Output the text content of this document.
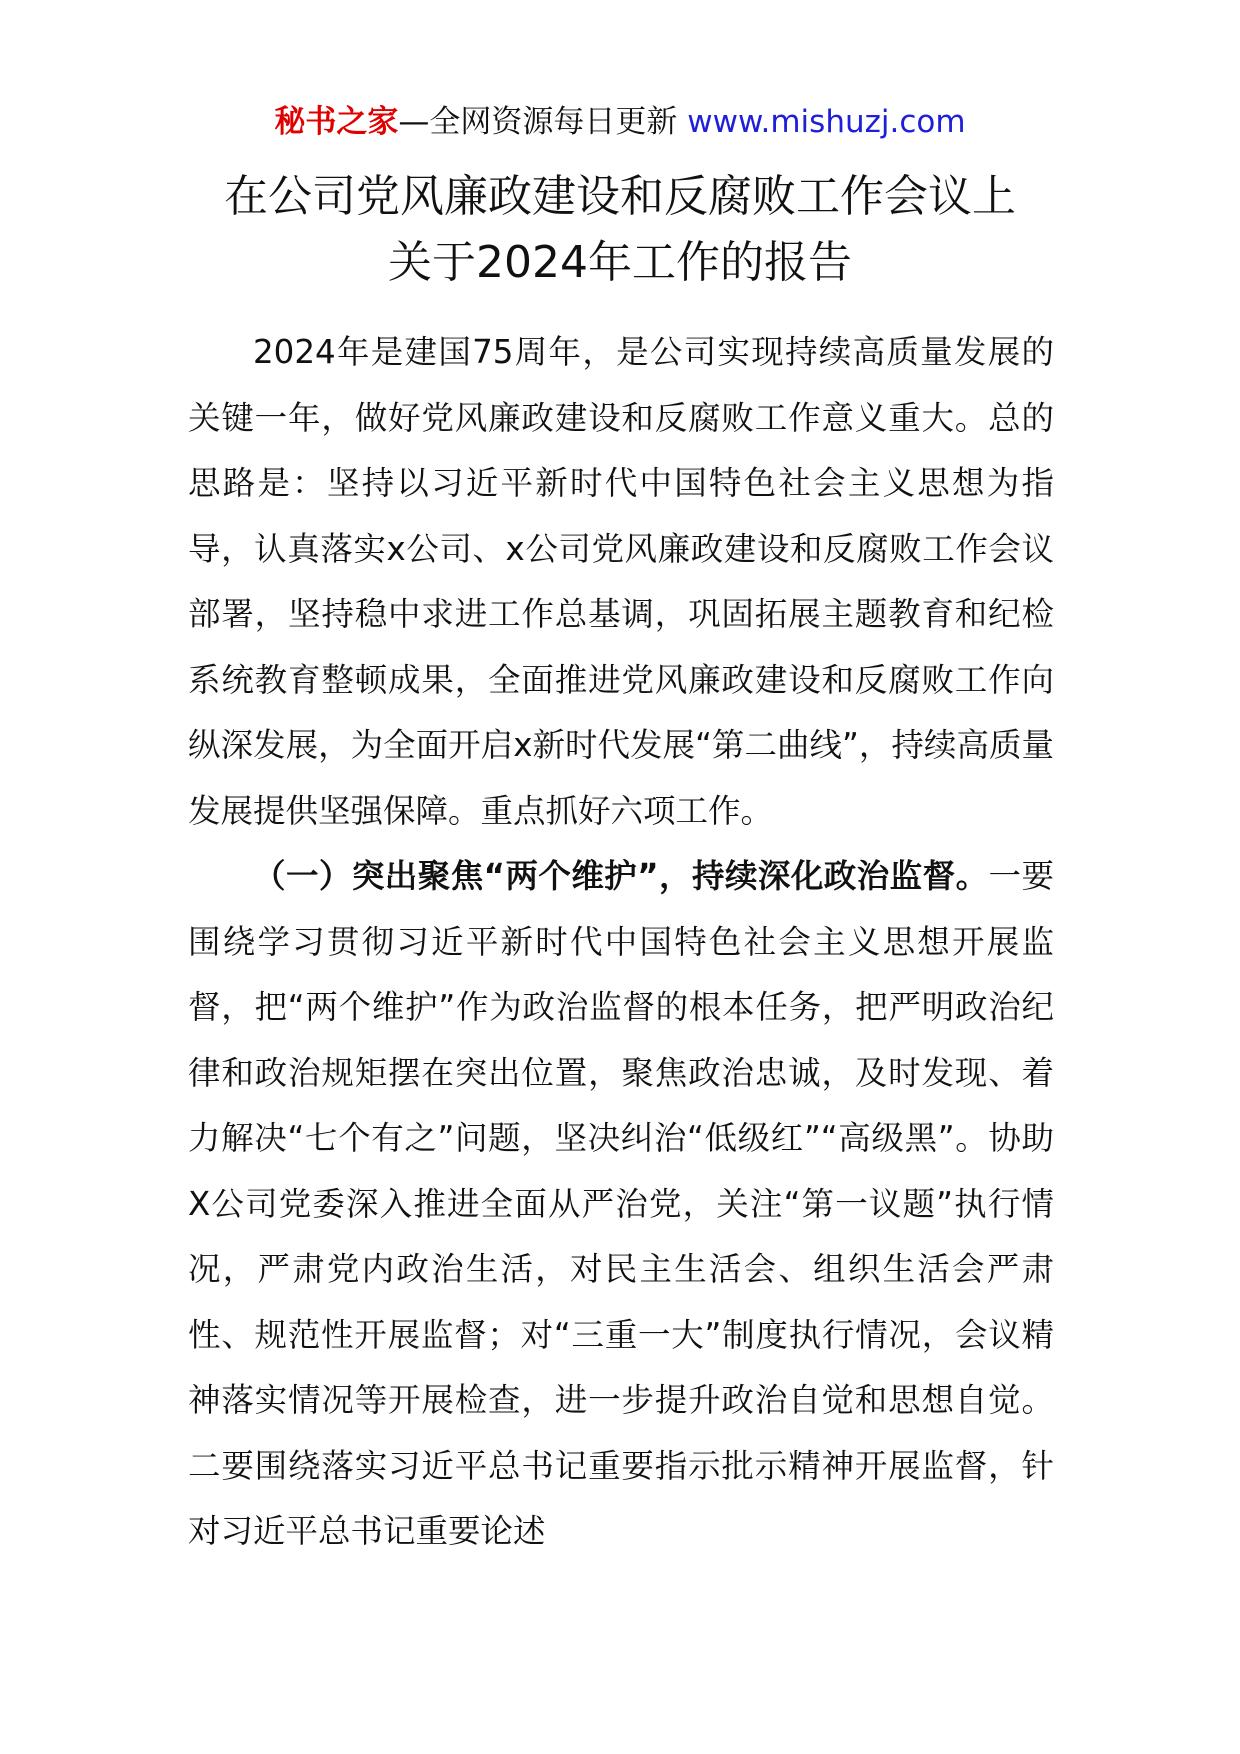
秘书之家—全网资源每日更新 www.mishuzj.com
在公司党风廉政建设和反腐败工作会议上
关于2024年工作的报告

2024年是建国75周年，是公司实现持续高质量发展的关键一年，做好党风廉政建设和反腐败工作意义重大。总的思路是：坚持以习近平新时代中国特色社会主义思想为指导，认真落实x公司、x公司党风廉政建设和反腐败工作会议部署，坚持稳中求进工作总基调，巩固拓展主题教育和纪检系统教育整顿成果，全面推进党风廉政建设和反腐败工作向纵深发展，为全面开启x新时代发展“第二曲线”，持续高质量发展提供坚强保障。重点抓好六项工作。

（一）突出聚焦“两个维护”，持续深化政治监督。一要围绕学习贯彻习近平新时代中国特色社会主义思想开展监督，把“两个维护”作为政治监督的根本任务，把严明政治纪律和政治规矩摆在突出位置，聚焦政治忠诚，及时发现、着力解决“七个有之”问题，坚决纠治“低级红”“高级黑”。协助X公司党委深入推进全面从严治党，关注“第一议题”执行情况，严肃党内政治生活，对民主生活会、组织生活会严肃性、规范性开展监督；对“三重一大”制度执行情况，会议精神落实情况等开展检查，进一步提升政治自觉和思想自觉。二要围绕落实习近平总书记重要指示批示精神开展监督，针对习近平总书记重要论述
